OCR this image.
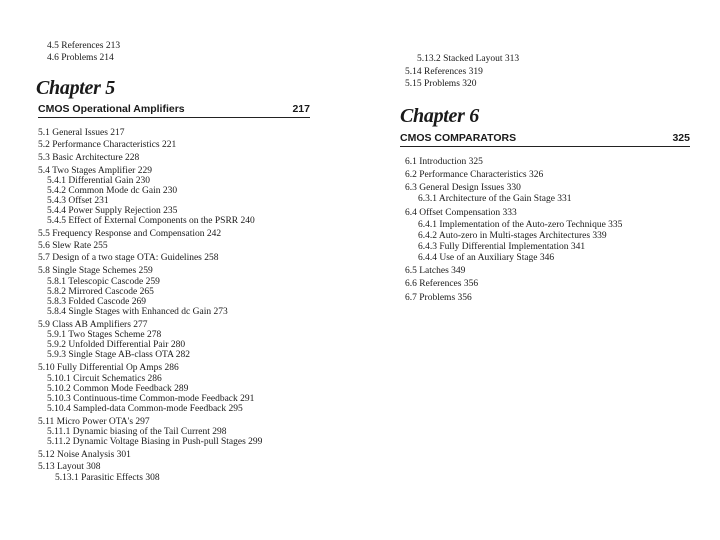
4.5 References 213
4.6 Problems 214
Chapter 5
CMOS Operational Amplifiers	217
5.1 General Issues 217
5.2 Performance Characteristics 221
5.3 Basic Architecture 228
5.4 Two Stages Amplifier 229
5.4.1 Differential Gain 230
5.4.2 Common Mode dc Gain 230
5.4.3 Offset 231
5.4.4 Power Supply Rejection 235
5.4.5 Effect of External Components on the PSRR 240
5.5 Frequency Response and Compensation 242
5.6 Slew Rate 255
5.7 Design of a two stage OTA: Guidelines 258
5.8 Single Stage Schemes 259
5.8.1 Telescopic Cascode 259
5.8.2 Mirrored Cascode 265
5.8.3 Folded Cascode 269
5.8.4 Single Stages with Enhanced dc Gain 273
5.9 Class AB Amplifiers 277
5.9.1 Two Stages Scheme 278
5.9.2 Unfolded Differential Pair 280
5.9.3 Single Stage AB-class OTA 282
5.10 Fully Differential Op Amps 286
5.10.1 Circuit Schematics 286
5.10.2 Common Mode Feedback 289
5.10.3 Continuous-time Common-mode Feedback 291
5.10.4 Sampled-data Common-mode Feedback 295
5.11 Micro Power OTA's 297
5.11.1 Dynamic biasing of the Tail Current 298
5.11.2 Dynamic Voltage Biasing in Push-pull Stages 299
5.12 Noise Analysis 301
5.13 Layout 308
5.13.1 Parasitic Effects 308
5.13.2 Stacked Layout 313
5.14 References 319
5.15 Problems 320
Chapter 6
CMOS COMPARATORS	325
6.1 Introduction 325
6.2 Performance Characteristics 326
6.3 General Design Issues 330
6.3.1 Architecture of the Gain Stage 331
6.4 Offset Compensation 333
6.4.1 Implementation of the Auto-zero Technique 335
6.4.2 Auto-zero in Multi-stages Architectures 339
6.4.3 Fully Differential Implementation 341
6.4.4 Use of an Auxiliary Stage 346
6.5 Latches 349
6.6 References 356
6.7 Problems 356
